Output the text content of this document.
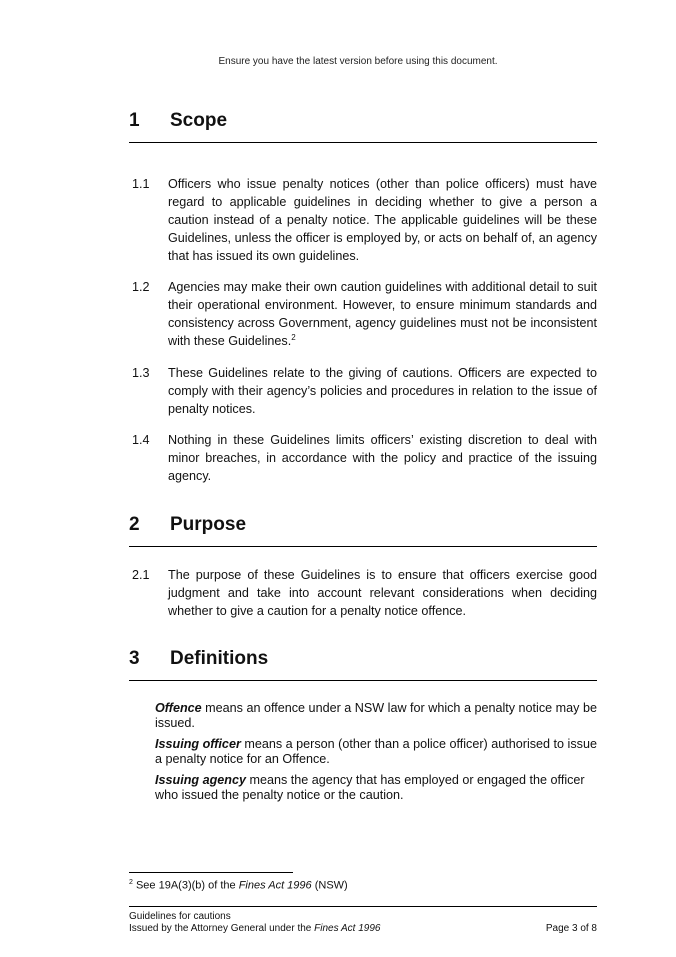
Ensure you have the latest version before using this document.
1 Scope
1.1 Officers who issue penalty notices (other than police officers) must have regard to applicable guidelines in deciding whether to give a person a caution instead of a penalty notice. The applicable guidelines will be these Guidelines, unless the officer is employed by, or acts on behalf of, an agency that has issued its own guidelines.
1.2 Agencies may make their own caution guidelines with additional detail to suit their operational environment. However, to ensure minimum standards and consistency across Government, agency guidelines must not be inconsistent with these Guidelines.$^2$
1.3 These Guidelines relate to the giving of cautions. Officers are expected to comply with their agency’s policies and procedures in relation to the issue of penalty notices.
1.4 Nothing in these Guidelines limits officers’ existing discretion to deal with minor breaches, in accordance with the policy and practice of the issuing agency.
2 Purpose
2.1 The purpose of these Guidelines is to ensure that officers exercise good judgment and take into account relevant considerations when deciding whether to give a caution for a penalty notice offence.
3 Definitions

Offence means an offence under a NSW law for which a penalty notice may be issued.

Issuing officer means a person (other than a police officer) authorised to issue a penalty notice for an Offence.

Issuing agency means the agency that has employed or engaged the officer who issued the penalty notice or the caution.

$^2$ See 19A(3)(b) of the Fines Act 1996 (NSW)
Guidelines for cautions
Issued by the Attorney General under the Fines Act 1996	Page 3 of 8
